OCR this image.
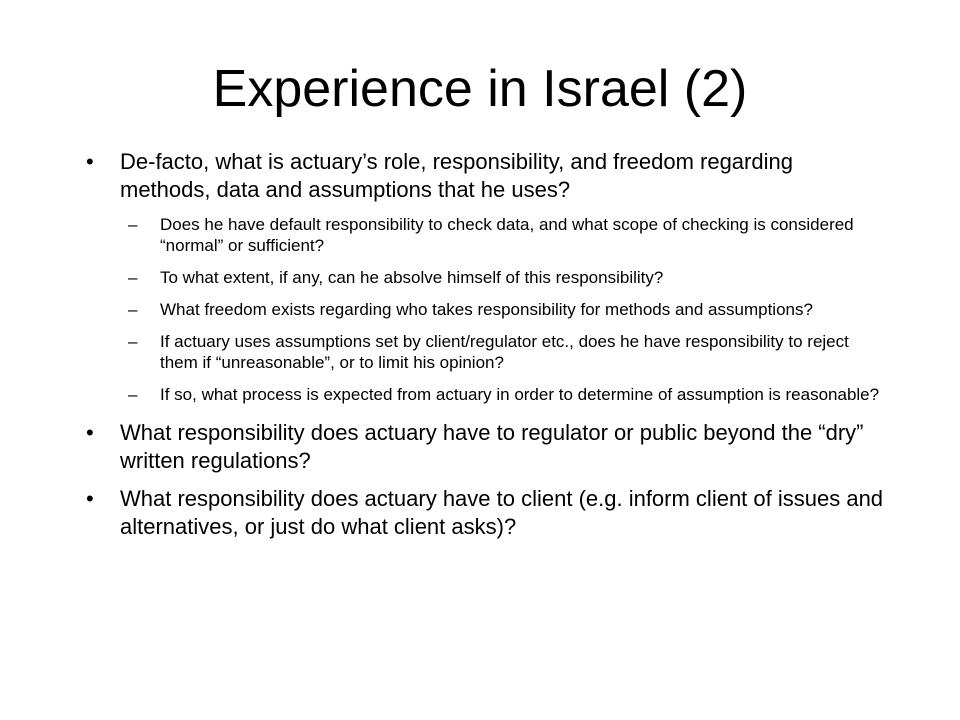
Experience in Israel (2)
• De-facto, what is actuary’s role, responsibility, and freedom regarding methods, data and assumptions that he uses?
– Does he have default responsibility to check data, and what scope of checking is considered “normal” or sufficient?
– To what extent, if any, can he absolve himself of this responsibility?
– What freedom exists regarding who takes responsibility for methods and assumptions?
– If actuary uses assumptions set by client/regulator etc., does he have responsibility to reject them if “unreasonable”, or to limit his opinion?
– If so, what process is expected from actuary in order to determine of assumption is reasonable?
• What responsibility does actuary have to regulator or public beyond the “dry” written regulations?
• What responsibility does actuary have to client (e.g. inform client of issues and alternatives, or just do what client asks)?
